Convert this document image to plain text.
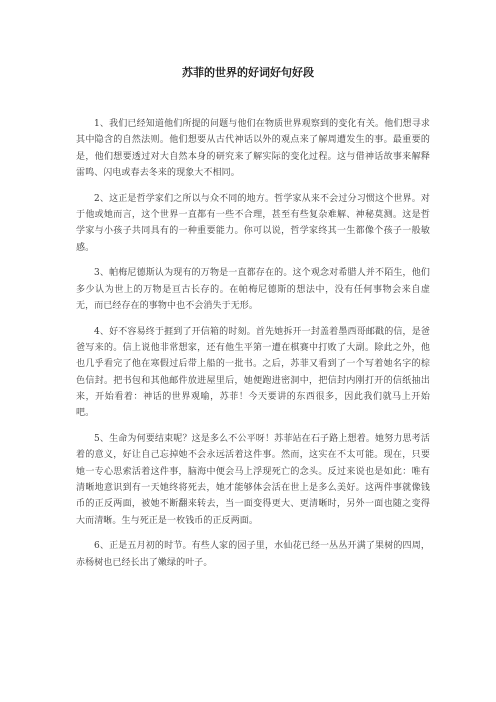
苏菲的世界的好词好句好段

1、我们已经知道他们所提的问题与他们在物质世界观察到的变化有关。他们想寻求其中隐含的自然法则。他们想要从古代神话以外的观点来了解周遭发生的事。最重要的是，他们想要透过对大自然本身的研究来了解实际的变化过程。这与借神话故事来解释雷鸣、闪电或春去冬来的现象大不相同。

2、这正是哲学家们之所以与众不同的地方。哲学家从来不会过分习惯这个世界。对于他或她而言，这个世界一直都有一些不合理，甚至有些复杂难解、神秘莫测。这是哲学家与小孩子共同具有的一种重要能力。你可以说，哲学家终其一生都像个孩子一般敏感。

3、帕梅尼德斯认为现有的万物是一直都存在的。这个观念对希腊人并不陌生，他们多少认为世上的万物是亘古长存的。在帕梅尼德斯的想法中，没有任何事物会来自虚无，而已经存在的事物中也不会消失于无形。

4、好不容易终于捱到了开信箱的时刻。首先她拆开一封盖着墨西哥邮戳的信，是爸爸写来的。信上说他非常想家，还有他生平第一遭在棋赛中打败了大副。除此之外，他也几乎看完了他在寒假过后带上船的一批书。之后，苏菲又看到了一个写着她名字的棕色信封。把书包和其他邮件放进屋里后，她便跑进密洞中，把信封内刚打开的信纸抽出来，开始看着：神话的世界观喻，苏菲！今天要讲的东西很多，因此我们就马上开始吧。

5、生命为何要结束呢？这是多么不公平呀！苏菲站在石子路上想着。她努力思考活着的意义，好让自己忘掉她不会永远活着这件事。然而，这实在不太可能。现在，只要她一专心思索活着这件事，脑海中便会马上浮现死亡的念头。反过来说也是如此：唯有清晰地意识到有一天她终将死去，她才能够体会活在世上是多么美好。这两件事就像钱币的正反两面，被她不断翻来转去，当一面变得更大、更清晰时，另外一面也随之变得大而清晰。生与死正是一枚钱币的正反两面。

6、正是五月初的时节。有些人家的园子里，水仙花已经一丛丛开满了果树的四周，赤杨树也已经长出了嫩绿的叶子。
